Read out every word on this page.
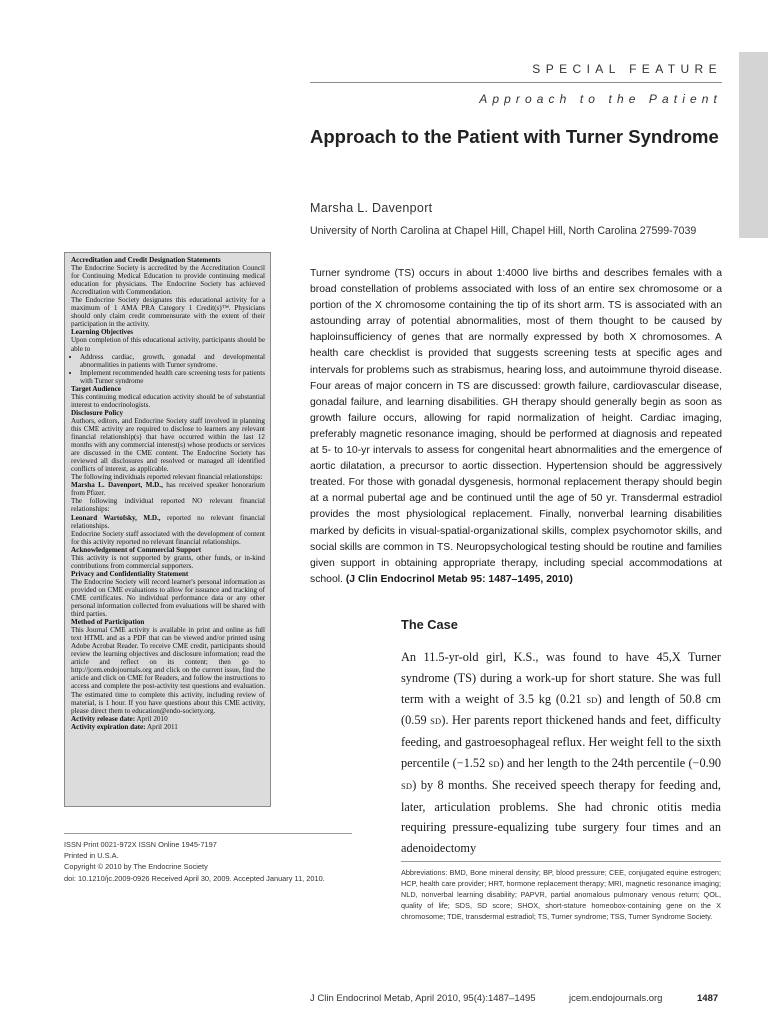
SPECIAL FEATURE
Approach to the Patient
Approach to the Patient with Turner Syndrome
Marsha L. Davenport
University of North Carolina at Chapel Hill, Chapel Hill, North Carolina 27599-7039

Accreditation and Credit Designation Statements

The Endocrine Society is accredited by the Accreditation Council for Continuing Medical Education to provide continuing medical education for physicians. The Endocrine Society has achieved Accreditation with Commendation.

The Endocrine Society designates this educational activity for a maximum of 1 AMA PRA Category 1 Credit(s)™. Physicians should only claim credit commensurate with the extent of their participation in the activity.

Learning Objectives

Upon completion of this educational activity, participants should be able to

• Address cardiac, growth, gonadal and developmental abnormalities in patients with Turner syndrome.
• Implement recommended health care screening tests for patients with Turner syndrome

Target Audience

This continuing medical education activity should be of substantial interest to endocrinologists.

Disclosure Policy

Authors, editors, and Endocrine Society staff involved in planning this CME activity are required to disclose to learners any relevant financial relationship(s) that have occurred within the last 12 months with any commercial interest(s) whose products or services are discussed in the CME content. The Endocrine Society has reviewed all disclosures and resolved or managed all identified conflicts of interest, as applicable.

The following individuals reported relevant financial relationships:

Marsha L. Davenport, M.D., has received speaker honorarium from Pfizer.

The following individual reported NO relevant financial relationships:

Leonard Wartofsky, M.D., reported no relevant financial relationships.

Endocrine Society staff associated with the development of content for this activity reported no relevant financial relationships.

Acknowledgement of Commercial Support

This activity is not supported by grants, other funds, or in-kind contributions from commercial supporters.

Privacy and Confidentiality Statement

The Endocrine Society will record learner's personal information as provided on CME evaluations to allow for issuance and tracking of CME certificates. No individual performance data or any other personal information collected from evaluations will be shared with third parties.

Method of Participation

This Journal CME activity is available in print and online as full text HTML and as a PDF that can be viewed and/or printed using Adobe Acrobat Reader. To receive CME credit, participants should review the learning objectives and disclosure information; read the article and reflect on its content; then go to http://jcem.endojournals.org and click on the current issue, find the article and click on CME for Readers, and follow the instructions to access and complete the post-activity test questions and evaluation. The estimated time to complete this activity, including review of material, is 1 hour. If you have questions about this CME activity, please direct them to education@endo-society.org.

Activity release date: April 2010

Activity expiration date: April 2011

Turner syndrome (TS) occurs in about 1:4000 live births and describes females with a broad constellation of problems associated with loss of an entire sex chromosome or a portion of the X chromosome containing the tip of its short arm. TS is associated with an astounding array of potential abnormalities, most of them thought to be caused by haploinsufficiency of genes that are normally expressed by both X chromosomes. A health care checklist is provided that suggests screening tests at specific ages and intervals for problems such as strabismus, hearing loss, and autoimmune thyroid disease. Four areas of major concern in TS are discussed: growth failure, cardiovascular disease, gonadal failure, and learning disabilities. GH therapy should generally begin as soon as growth failure occurs, allowing for rapid normalization of height. Cardiac imaging, preferably magnetic resonance imaging, should be performed at diagnosis and repeated at 5- to 10-yr intervals to assess for congenital heart abnormalities and the emergence of aortic dilatation, a precursor to aortic dissection. Hypertension should be aggressively treated. For those with gonadal dysgenesis, hormonal replacement therapy should begin at a normal pubertal age and be continued until the age of 50 yr. Transdermal estradiol provides the most physiological replacement. Finally, nonverbal learning disabilities marked by deficits in visual-spatial-organizational skills, complex psychomotor skills, and social skills are common in TS. Neuropsychological testing should be routine and families given support in obtaining appropriate therapy, including special accommodations at school. (J Clin Endocrinol Metab 95: 1487–1495, 2010)

The Case

An 11.5-yr-old girl, K.S., was found to have 45,X Turner syndrome (TS) during a work-up for short stature. She was full term with a weight of 3.5 kg (0.21 SD) and length of 50.8 cm (0.59 SD). Her parents report thickened hands and feet, difficulty feeding, and gastroesophageal reflux. Her weight fell to the sixth percentile (−1.52 SD) and her length to the 24th percentile (−0.90 SD) by 8 months. She received speech therapy for feeding and, later, articulation problems. She had chronic otitis media requiring pressure-equalizing tube surgery four times and an adenoidectomy

ISSN Print 0021-972X ISSN Online 1945-7197
Printed in U.S.A.
Copyright © 2010 by The Endocrine Society
doi: 10.1210/jc.2009-0926 Received April 30, 2009. Accepted January 11, 2010.

Abbreviations: BMD, Bone mineral density; BP, blood pressure; CEE, conjugated equine estrogen; HCP, health care provider; HRT, hormone replacement therapy; MRI, magnetic resonance imaging; NLD, nonverbal learning disability; PAPVR, partial anomalous pulmonary venous return; QOL, quality of life; SDS, SD score; SHOX, short-stature homeobox-containing gene on the X chromosome; TDE, transdermal estradiol; TS, Turner syndrome; TSS, Turner Syndrome Society.

J Clin Endocrinol Metab, April 2010, 95(4):1487–1495	jcem.endojournals.org	1487
